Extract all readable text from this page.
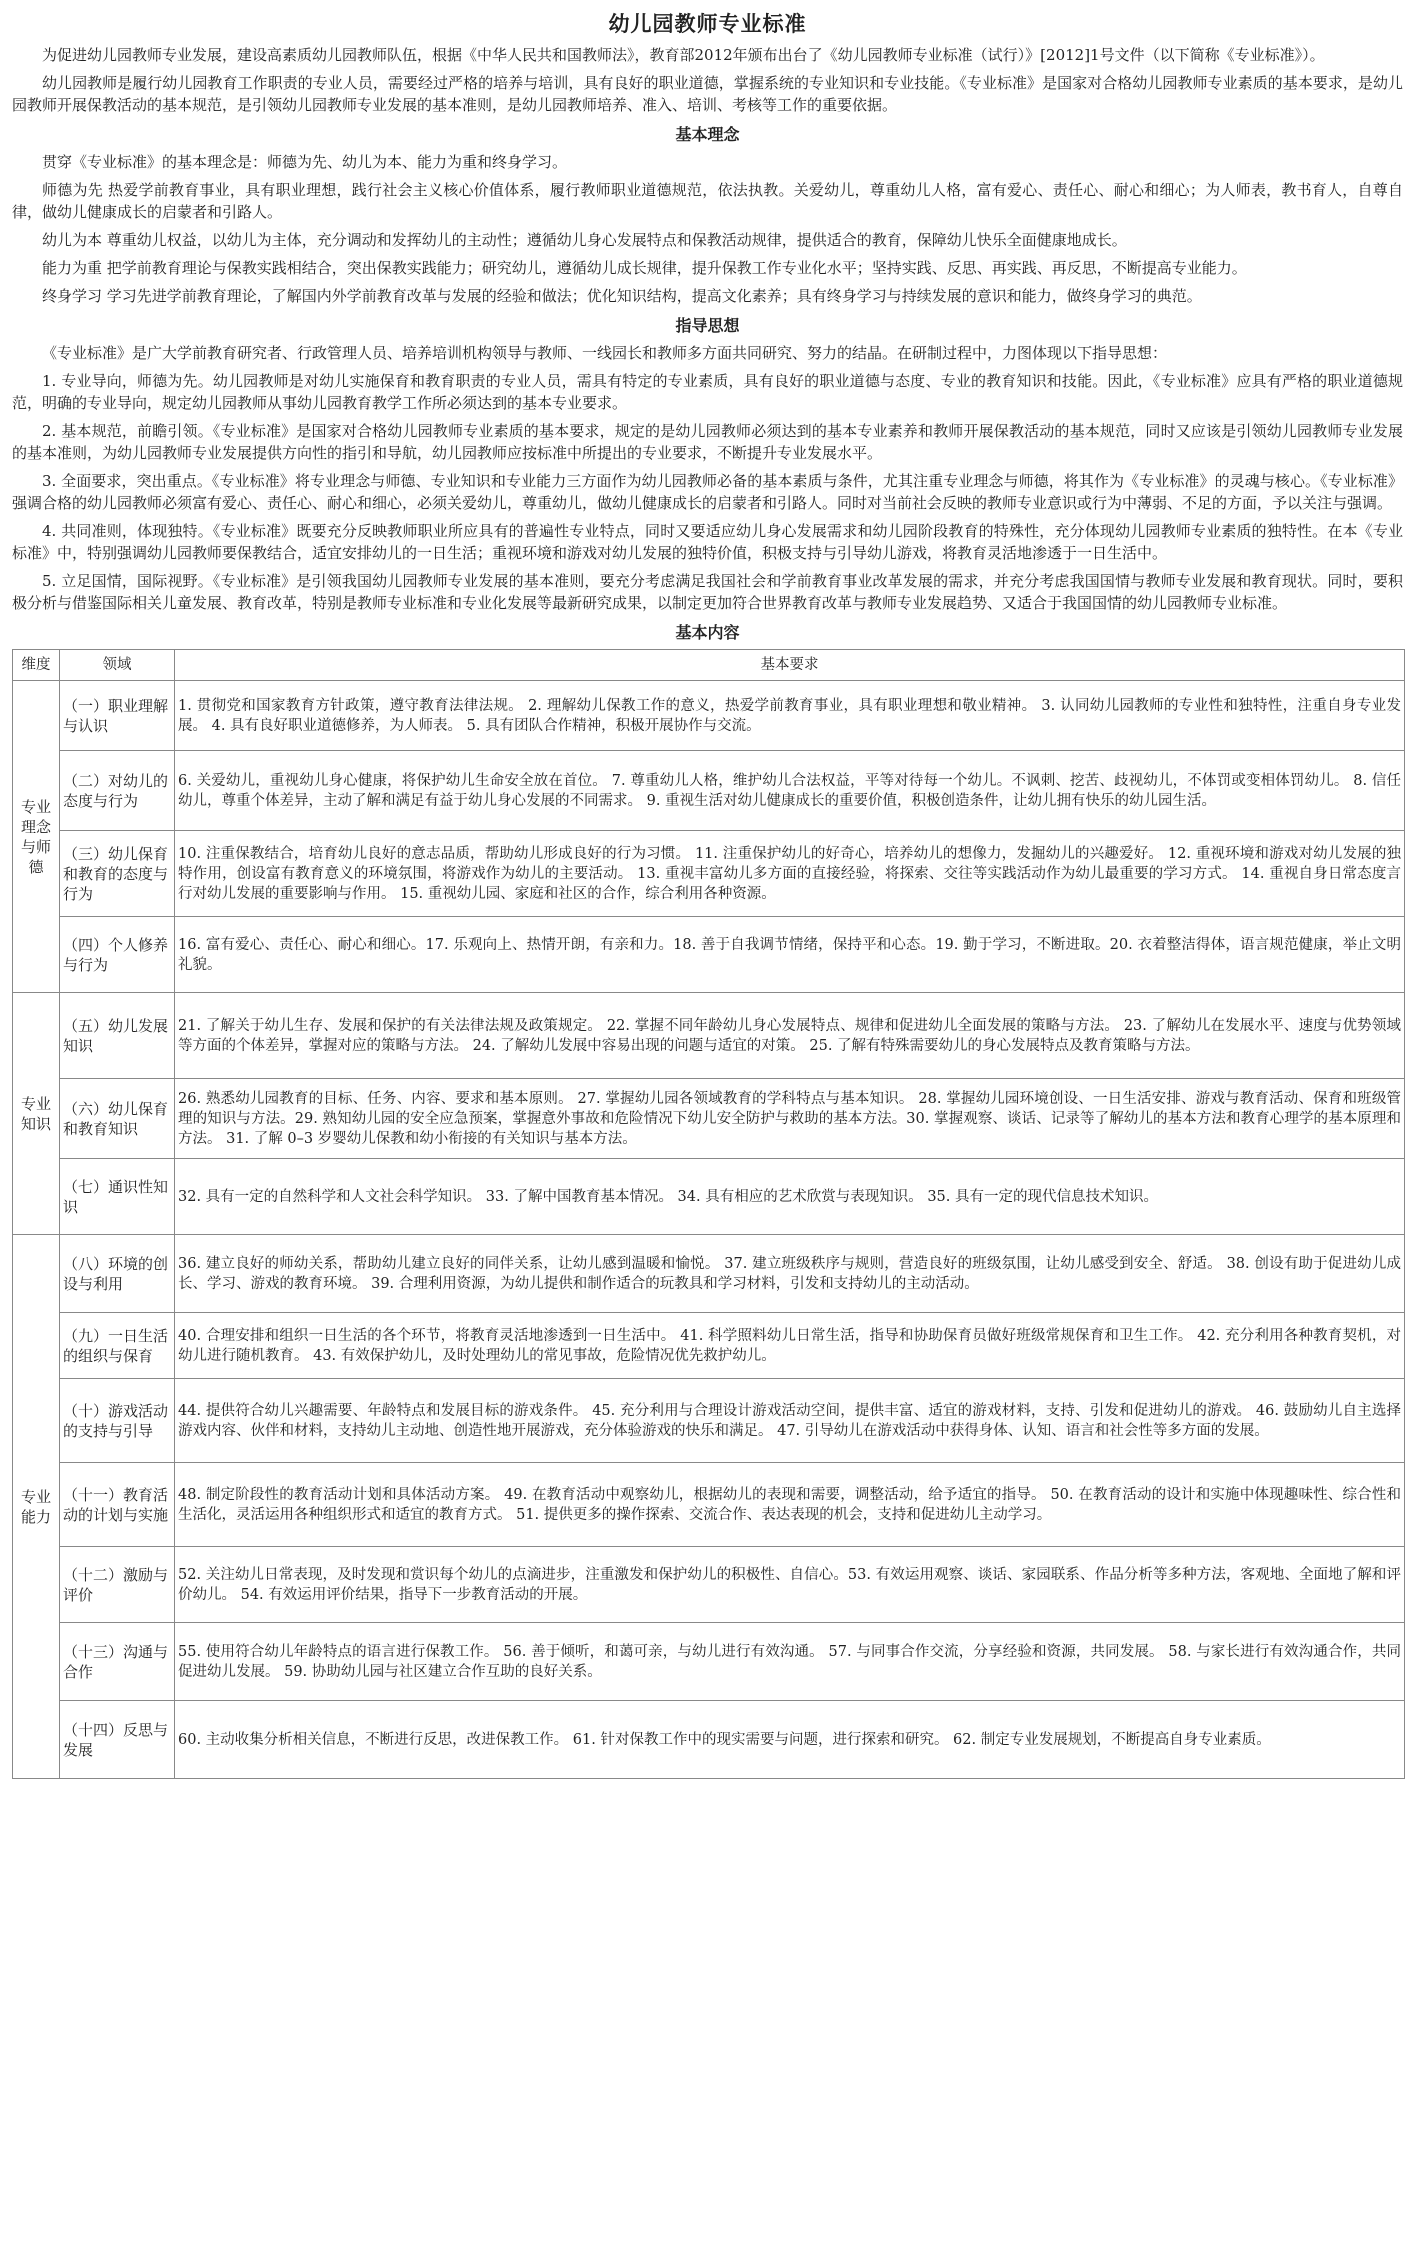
幼儿园教师专业标准

为促进幼儿园教师专业发展，建设高素质幼儿园教师队伍，根据《中华人民共和国教师法》，教育部2012年颁布出台了《幼儿园教师专业标准（试行）》[2012]1号文件（以下简称《专业标准》）。

幼儿园教师是履行幼儿园教育工作职责的专业人员，需要经过严格的培养与培训，具有良好的职业道德，掌握系统的专业知识和专业技能。《专业标准》是国家对合格幼儿园教师专业素质的基本要求，是幼儿园教师开展保教活动的基本规范，是引领幼儿园教师专业发展的基本准则，是幼儿园教师培养、准入、培训、考核等工作的重要依据。

基本理念

贯穿《专业标准》的基本理念是：师德为先、幼儿为本、能力为重和终身学习。

师德为先 热爱学前教育事业，具有职业理想，践行社会主义核心价值体系，履行教师职业道德规范，依法执教。关爱幼儿，尊重幼儿人格，富有爱心、责任心、耐心和细心；为人师表，教书育人，自尊自律，做幼儿健康成长的启蒙者和引路人。

幼儿为本 尊重幼儿权益，以幼儿为主体，充分调动和发挥幼儿的主动性；遵循幼儿身心发展特点和保教活动规律，提供适合的教育，保障幼儿快乐全面健康地成长。

能力为重 把学前教育理论与保教实践相结合，突出保教实践能力；研究幼儿，遵循幼儿成长规律，提升保教工作专业化水平；坚持实践、反思、再实践、再反思，不断提高专业能力。

终身学习 学习先进学前教育理论，了解国内外学前教育改革与发展的经验和做法；优化知识结构，提高文化素养；具有终身学习与持续发展的意识和能力，做终身学习的典范。

指导思想

《专业标准》是广大学前教育研究者、行政管理人员、培养培训机构领导与教师、一线园长和教师多方面共同研究、努力的结晶。在研制过程中，力图体现以下指导思想：

1. 专业导向，师德为先。幼儿园教师是对幼儿实施保育和教育职责的专业人员，需具有特定的专业素质，具有良好的职业道德与态度、专业的教育知识和技能。因此，《专业标准》应具有严格的职业道德规范，明确的专业导向，规定幼儿园教师从事幼儿园教育教学工作所必须达到的基本专业要求。

2. 基本规范，前瞻引领。《专业标准》是国家对合格幼儿园教师专业素质的基本要求，规定的是幼儿园教师必须达到的基本专业素养和教师开展保教活动的基本规范，同时又应该是引领幼儿园教师专业发展的基本准则，为幼儿园教师专业发展提供方向性的指引和导航，幼儿园教师应按标准中所提出的专业要求，不断提升专业发展水平。

3. 全面要求，突出重点。《专业标准》将专业理念与师德、专业知识和专业能力三方面作为幼儿园教师必备的基本素质与条件，尤其注重专业理念与师德，将其作为《专业标准》的灵魂与核心。《专业标准》强调合格的幼儿园教师必须富有爱心、责任心、耐心和细心，必须关爱幼儿，尊重幼儿，做幼儿健康成长的启蒙者和引路人。同时对当前社会反映的教师专业意识或行为中薄弱、不足的方面，予以关注与强调。

4. 共同准则，体现独特。《专业标准》既要充分反映教师职业所应具有的普遍性专业特点，同时又要适应幼儿身心发展需求和幼儿园阶段教育的特殊性，充分体现幼儿园教师专业素质的独特性。在本《专业标准》中，特别强调幼儿园教师要保教结合，适宜安排幼儿的一日生活；重视环境和游戏对幼儿发展的独特价值，积极支持与引导幼儿游戏，将教育灵活地渗透于一日生活中。

5. 立足国情，国际视野。《专业标准》是引领我国幼儿园教师专业发展的基本准则，要充分考虑满足我国社会和学前教育事业改革发展的需求，并充分考虑我国国情与教师专业发展和教育现状。同时，要积极分析与借鉴国际相关儿童发展、教育改革，特别是教师专业标准和专业化发展等最新研究成果，以制定更加符合世界教育改革与教师专业发展趋势、又适合于我国国情的幼儿园教师专业标准。

基本内容
维度	领域	基本要求
专业理念与师德	（一）职业理解与认识	1. 贯彻党和国家教育方针政策，遵守教育法律法规。 2. 理解幼儿保教工作的意义，热爱学前教育事业，具有职业理想和敬业精神。 3. 认同幼儿园教师的专业性和独特性，注重自身专业发展。 4. 具有良好职业道德修养，为人师表。 5. 具有团队合作精神，积极开展协作与交流。
	（二）对幼儿的态度与行为	6. 关爱幼儿，重视幼儿身心健康，将保护幼儿生命安全放在首位。 7. 尊重幼儿人格，维护幼儿合法权益，平等对待每一个幼儿。不讽刺、挖苦、歧视幼儿，不体罚或变相体罚幼儿。 8. 信任幼儿，尊重个体差异，主动了解和满足有益于幼儿身心发展的不同需求。 9. 重视生活对幼儿健康成长的重要价值，积极创造条件，让幼儿拥有快乐的幼儿园生活。
	（三）幼儿保育和教育的态度与行为	10. 注重保教结合，培育幼儿良好的意志品质，帮助幼儿形成良好的行为习惯。 11. 注重保护幼儿的好奇心，培养幼儿的想像力，发掘幼儿的兴趣爱好。 12. 重视环境和游戏对幼儿发展的独特作用，创设富有教育意义的环境氛围，将游戏作为幼儿的主要活动。 13. 重视丰富幼儿多方面的直接经验，将探索、交往等实践活动作为幼儿最重要的学习方式。 14. 重视自身日常态度言行对幼儿发展的重要影响与作用。 15. 重视幼儿园、家庭和社区的合作，综合利用各种资源。
	（四）个人修养与行为	16. 富有爱心、责任心、耐心和细心。17. 乐观向上、热情开朗，有亲和力。18. 善于自我调节情绪，保持平和心态。19. 勤于学习，不断进取。20. 衣着整洁得体，语言规范健康，举止文明礼貌。
专业知识	（五）幼儿发展知识	21. 了解关于幼儿生存、发展和保护的有关法律法规及政策规定。 22. 掌握不同年龄幼儿身心发展特点、规律和促进幼儿全面发展的策略与方法。 23. 了解幼儿在发展水平、速度与优势领域等方面的个体差异，掌握对应的策略与方法。 24. 了解幼儿发展中容易出现的问题与适宜的对策。 25. 了解有特殊需要幼儿的身心发展特点及教育策略与方法。
	（六）幼儿保育和教育知识	26. 熟悉幼儿园教育的目标、任务、内容、要求和基本原则。 27. 掌握幼儿园各领域教育的学科特点与基本知识。 28. 掌握幼儿园环境创设、一日生活安排、游戏与教育活动、保育和班级管理的知识与方法。29. 熟知幼儿园的安全应急预案，掌握意外事故和危险情况下幼儿安全防护与救助的基本方法。30. 掌握观察、谈话、记录等了解幼儿的基本方法和教育心理学的基本原理和方法。 31. 了解 0–3 岁婴幼儿保教和幼小衔接的有关知识与基本方法。
	（七）通识性知识	32. 具有一定的自然科学和人文社会科学知识。 33. 了解中国教育基本情况。 34. 具有相应的艺术欣赏与表现知识。 35. 具有一定的现代信息技术知识。
专业能力	（八）环境的创设与利用	36. 建立良好的师幼关系，帮助幼儿建立良好的同伴关系，让幼儿感到温暖和愉悦。 37. 建立班级秩序与规则，营造良好的班级氛围，让幼儿感受到安全、舒适。 38. 创设有助于促进幼儿成长、学习、游戏的教育环境。 39. 合理利用资源，为幼儿提供和制作适合的玩教具和学习材料，引发和支持幼儿的主动活动。
	（九）一日生活的组织与保育	40. 合理安排和组织一日生活的各个环节，将教育灵活地渗透到一日生活中。 41. 科学照料幼儿日常生活，指导和协助保育员做好班级常规保育和卫生工作。 42. 充分利用各种教育契机，对幼儿进行随机教育。 43. 有效保护幼儿，及时处理幼儿的常见事故，危险情况优先救护幼儿。
	（十）游戏活动的支持与引导	44. 提供符合幼儿兴趣需要、年龄特点和发展目标的游戏条件。 45. 充分利用与合理设计游戏活动空间，提供丰富、适宜的游戏材料，支持、引发和促进幼儿的游戏。 46. 鼓励幼儿自主选择游戏内容、伙伴和材料，支持幼儿主动地、创造性地开展游戏，充分体验游戏的快乐和满足。 47. 引导幼儿在游戏活动中获得身体、认知、语言和社会性等多方面的发展。
	（十一）教育活动的计划与实施	48. 制定阶段性的教育活动计划和具体活动方案。 49. 在教育活动中观察幼儿，根据幼儿的表现和需要，调整活动，给予适宜的指导。 50. 在教育活动的设计和实施中体现趣味性、综合性和生活化，灵活运用各种组织形式和适宜的教育方式。 51. 提供更多的操作探索、交流合作、表达表现的机会，支持和促进幼儿主动学习。
	（十二）激励与评价	52. 关注幼儿日常表现，及时发现和赏识每个幼儿的点滴进步，注重激发和保护幼儿的积极性、自信心。53. 有效运用观察、谈话、家园联系、作品分析等多种方法，客观地、全面地了解和评价幼儿。 54. 有效运用评价结果，指导下一步教育活动的开展。
	（十三）沟通与合作	55. 使用符合幼儿年龄特点的语言进行保教工作。 56. 善于倾听，和蔼可亲，与幼儿进行有效沟通。 57. 与同事合作交流，分享经验和资源，共同发展。 58. 与家长进行有效沟通合作，共同促进幼儿发展。 59. 协助幼儿园与社区建立合作互助的良好关系。
	（十四）反思与发展	60. 主动收集分析相关信息，不断进行反思，改进保教工作。 61. 针对保教工作中的现实需要与问题，进行探索和研究。 62. 制定专业发展规划，不断提高自身专业素质。
